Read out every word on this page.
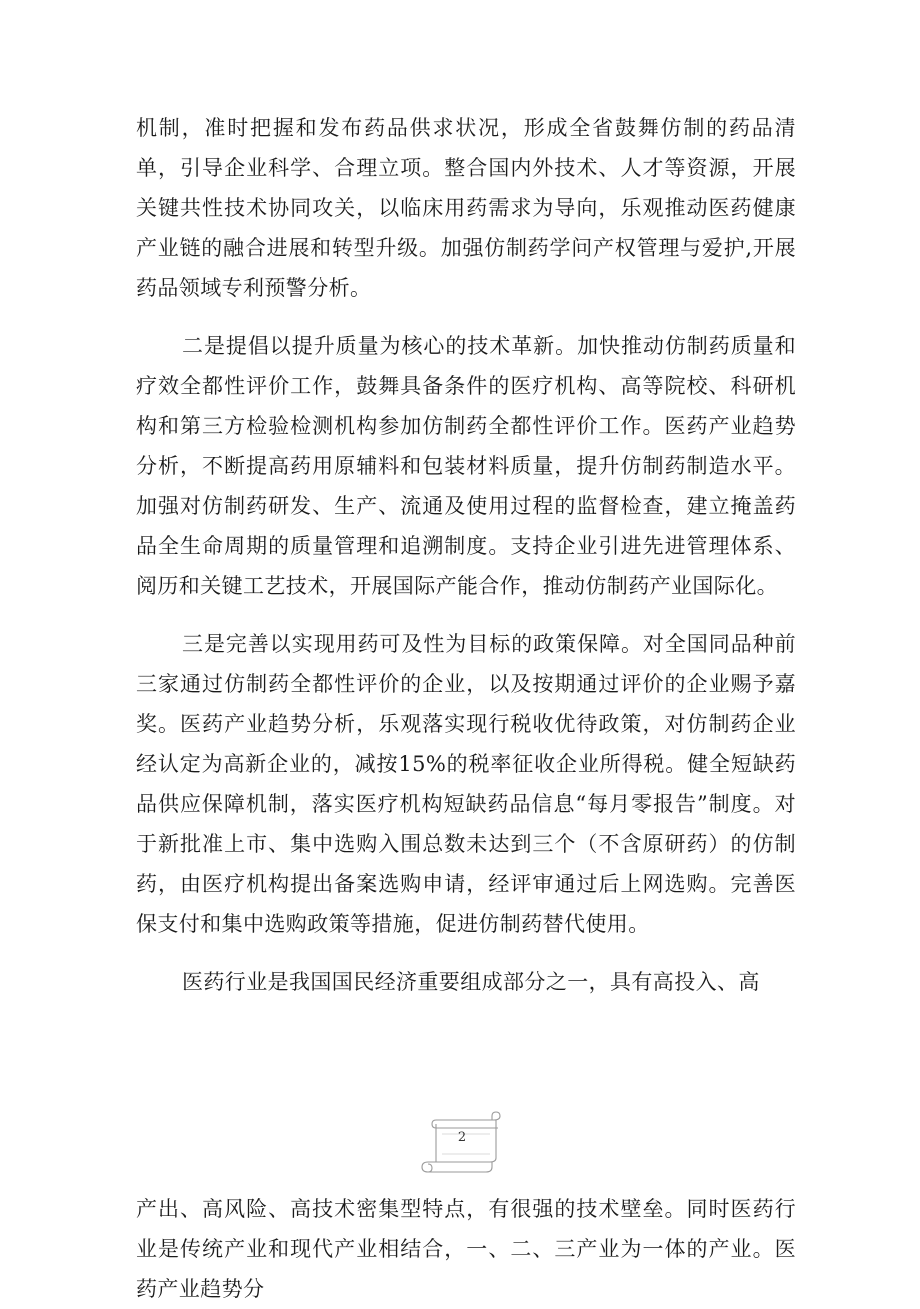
机制，准时把握和发布药品供求状况，形成全省鼓舞仿制的药品清单，引导企业科学、合理立项。整合国内外技术、人才等资源，开展关键共性技术协同攻关，以临床用药需求为导向，乐观推动医药健康产业链的融合进展和转型升级。加强仿制药学问产权管理与爱护,开展药品领域专利预警分析。

二是提倡以提升质量为核心的技术革新。加快推动仿制药质量和疗效全都性评价工作，鼓舞具备条件的医疗机构、高等院校、科研机构和第三方检验检测机构参加仿制药全都性评价工作。医药产业趋势分析，不断提高药用原辅料和包装材料质量，提升仿制药制造水平。加强对仿制药研发、生产、流通及使用过程的监督检查，建立掩盖药品全生命周期的质量管理和追溯制度。支持企业引进先进管理体系、阅历和关键工艺技术，开展国际产能合作，推动仿制药产业国际化。

三是完善以实现用药可及性为目标的政策保障。对全国同品种前三家通过仿制药全都性评价的企业，以及按期通过评价的企业赐予嘉奖。医药产业趋势分析，乐观落实现行税收优待政策，对仿制药企业经认定为高新企业的，减按15%的税率征收企业所得税。健全短缺药品供应保障机制，落实医疗机构短缺药品信息“每月零报告”制度。对于新批准上市、集中选购入围总数未达到三个（不含原研药）的仿制药，由医疗机构提出备案选购申请，经评审通过后上网选购。完善医保支付和集中选购政策等措施，促进仿制药替代使用。

医药行业是我国国民经济重要组成部分之一，具有高投入、高

2

产出、高风险、高技术密集型特点，有很强的技术壁垒。同时医药行业是传统产业和现代产业相结合，一、二、三产业为一体的产业。医药产业趋势分
